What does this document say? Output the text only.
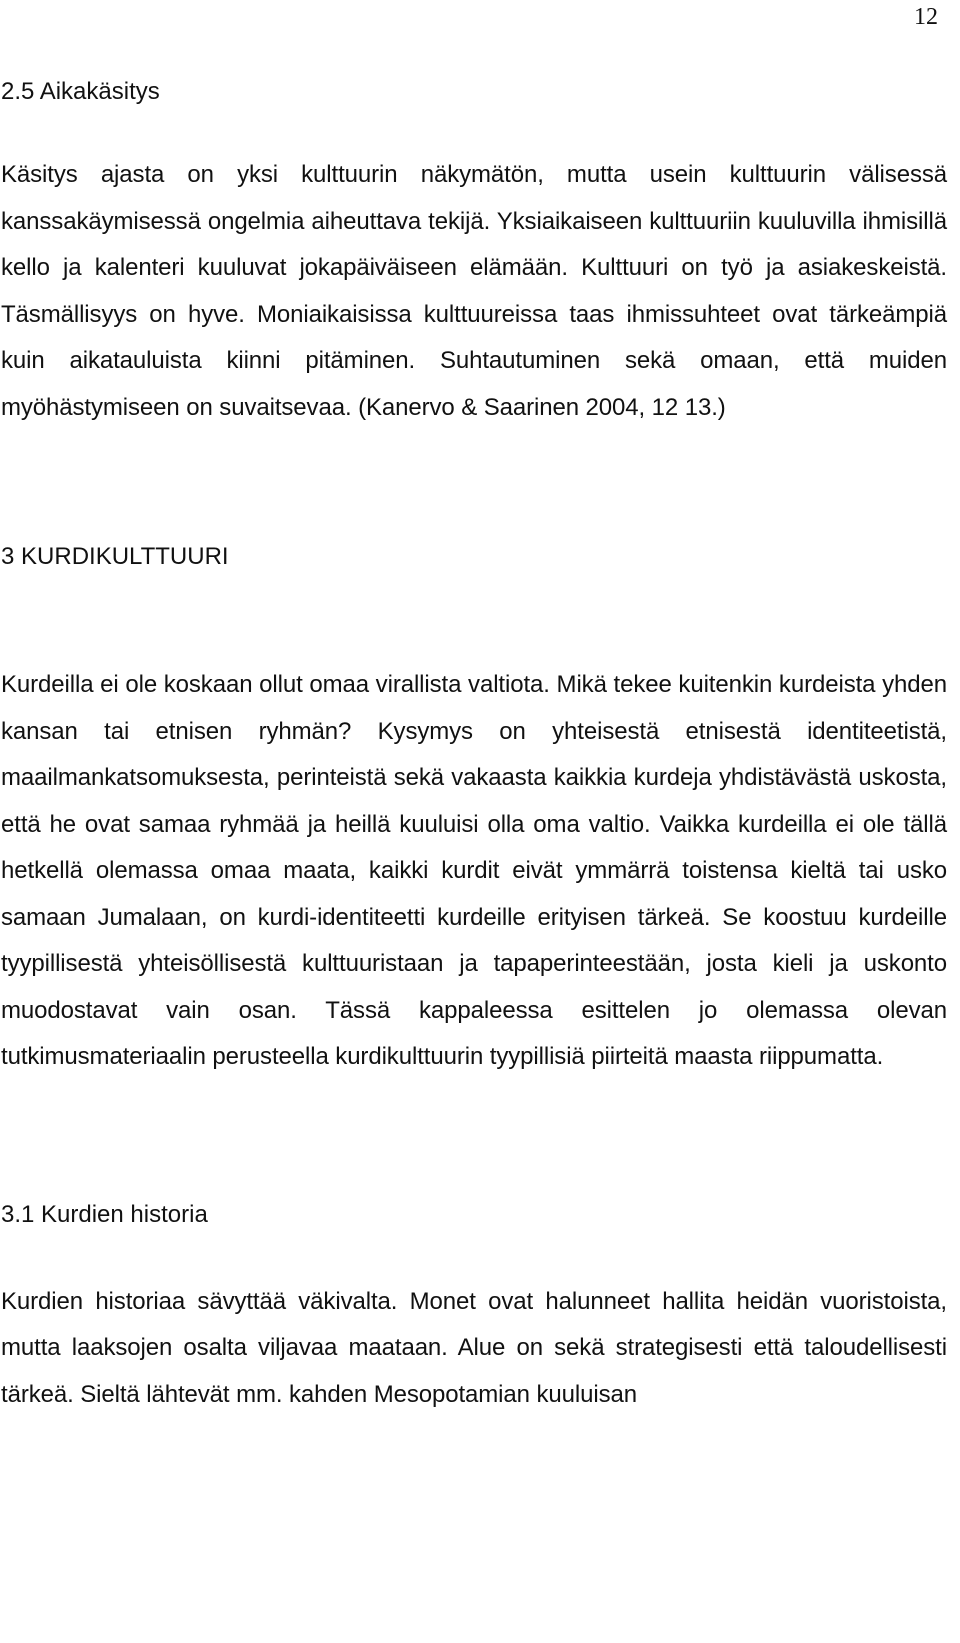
12
2.5 Aikakäsitys

Käsitys ajasta on yksi kulttuurin näkymätön, mutta usein kulttuurin välisessä kanssakäymisessä ongelmia aiheuttava tekijä. Yksiaikaiseen kulttuuriin kuuluvilla ihmisillä kello ja kalenteri kuuluvat jokapäiväiseen elämään. Kulttuuri on työ ja asiakeskeistä. Täsmällisyys on hyve. Moniaikaisissa kulttuureissa taas ihmissuhteet ovat tärkeämpiä kuin aikatauluista kiinni pitäminen. Suhtautuminen sekä omaan, että muiden myöhästymiseen on suvaitsevaa. (Kanervo & Saarinen 2004, 12 13.)

3 KURDIKULTTUURI

Kurdeilla ei ole koskaan ollut omaa virallista valtiota. Mikä tekee kuitenkin kurdeista yhden kansan tai etnisen ryhmän? Kysymys on yhteisestä etnisestä identiteetistä, maailmankatsomuksesta, perinteistä sekä vakaasta kaikkia kurdeja yhdistävästä uskosta, että he ovat samaa ryhmää ja heillä kuuluisi olla oma valtio. Vaikka kurdeilla ei ole tällä hetkellä olemassa omaa maata, kaikki kurdit eivät ymmärrä toistensa kieltä tai usko samaan Jumalaan, on kurdi-identiteetti kurdeille erityisen tärkeä. Se koostuu kurdeille tyypillisestä yhteisöllisestä kulttuuristaan ja tapaperinteestään, josta kieli ja uskonto muodostavat vain osan. Tässä kappaleessa esittelen jo olemassa olevan tutkimusmateriaalin perusteella kurdikulttuurin tyypillisiä piirteitä maasta riippumatta.

3.1 Kurdien historia

Kurdien historiaa sävyttää väkivalta. Monet ovat halunneet hallita heidän vuoristoista, mutta laaksojen osalta viljavaa maataan. Alue on sekä strategisesti että taloudellisesti tärkeä. Sieltä lähtevät mm. kahden Mesopotamian kuuluisan
